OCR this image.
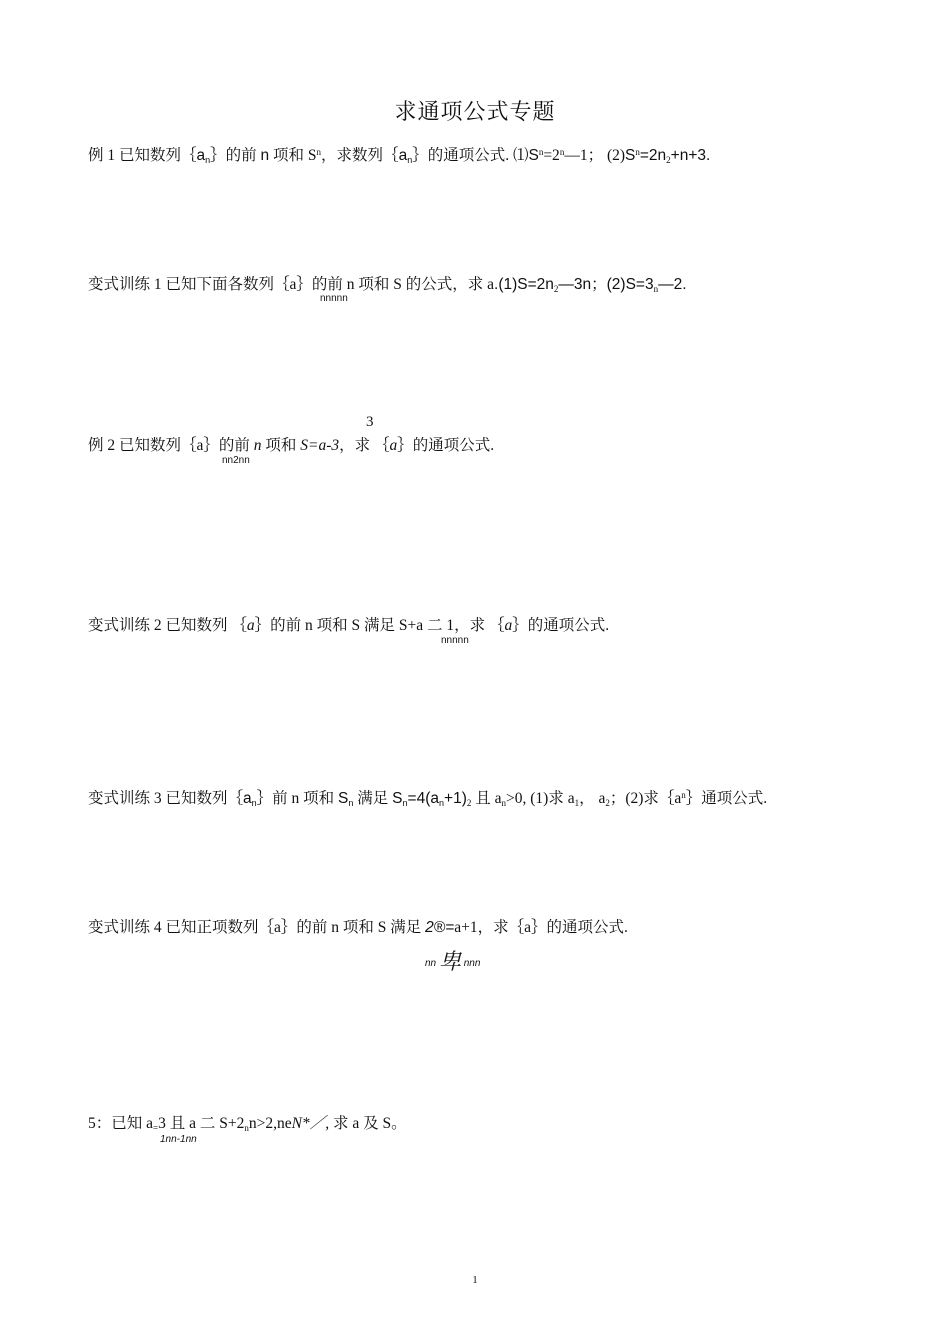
求通项公式专题
例 1 已知数列$\{a_n\}$的前 n 项和 $S^n$，求数列$\{a_n\}$的通项公式. $⑴S^n=2^n—1$； $(2)S^n=2n_2+n+3$.
变式训练 1 已知下面各数列｛a｝的前 n 项和 S 的公式，求 $a.(1)S=2n_2—3n$；$(2)S=3_n—2$.
nnnnn
3
例 2 已知数列｛a｝的前 n 项和 S=a-3，求 ｛a｝的通项公式.
nn2nn
变式训练 2 已知数列 ｛a｝的前 n 项和 S 满足 S+a 二 1，求 ｛a｝的通项公式.
nnnnn
变式训练 3 已知数列$\{a_n\}$前 n 项和 $S_n$ 满足 $S_n=4(a_n+1)_2$ 且 $a_n>0$, (1)求 $a_1$， $a_2$；(2)求$\{a^n\}$通项公式.
变式训练 4 已知正项数列｛a｝的前 n 项和 S 满足 2®=a+1，求｛a｝的通项公式.
nn 卑 nnn
5：已知 $a_=3$ 且 a 二 $S+2_nn>2,neN*/$, 求 a 及 S。
1nn-1nn
1
